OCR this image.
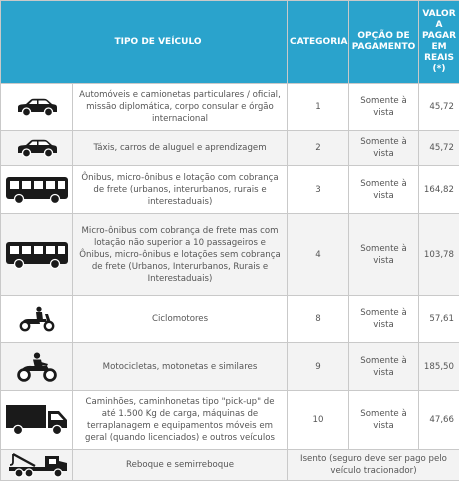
TIPO DE VEÍCULO		CATEGORIA	OPÇÃO DE PAGAMENTO	VALOR A PAGAR EM REAIS (*)

	Automóveis e camionetas particulares / oficial, missão diplomática, corpo consular e órgão internacional	1	Somente à vista	45,72

	Táxis, carros de aluguel e aprendizagem	2	Somente à vista	45,72

	Ônibus, micro-ônibus e lotação com cobrança de frete (urbanos, interurbanos, rurais e interestaduais)	3	Somente à vista	164,82

	Micro-ônibus com cobrança de frete mas com lotação não superior a 10 passageiros e Ônibus, micro-ônibus e lotações sem cobrança de frete (Urbanos, Interurbanos, Rurais e Interestaduais)	4	Somente à vista	103,78

	Ciclomotores	8	Somente à vista	57,61

	Motocicletas, motonetas e similares	9	Somente à vista	185,50

	Caminhões, caminhonetas tipo "pick-up" de até 1.500 Kg de carga, máquinas de terraplanagem e equipamentos móveis em geral (quando licenciados) e outros veículos	10	Somente à vista	47,66

	Reboque e semirreboque	Isento (seguro deve ser pago pelo veículo tracionador)		
